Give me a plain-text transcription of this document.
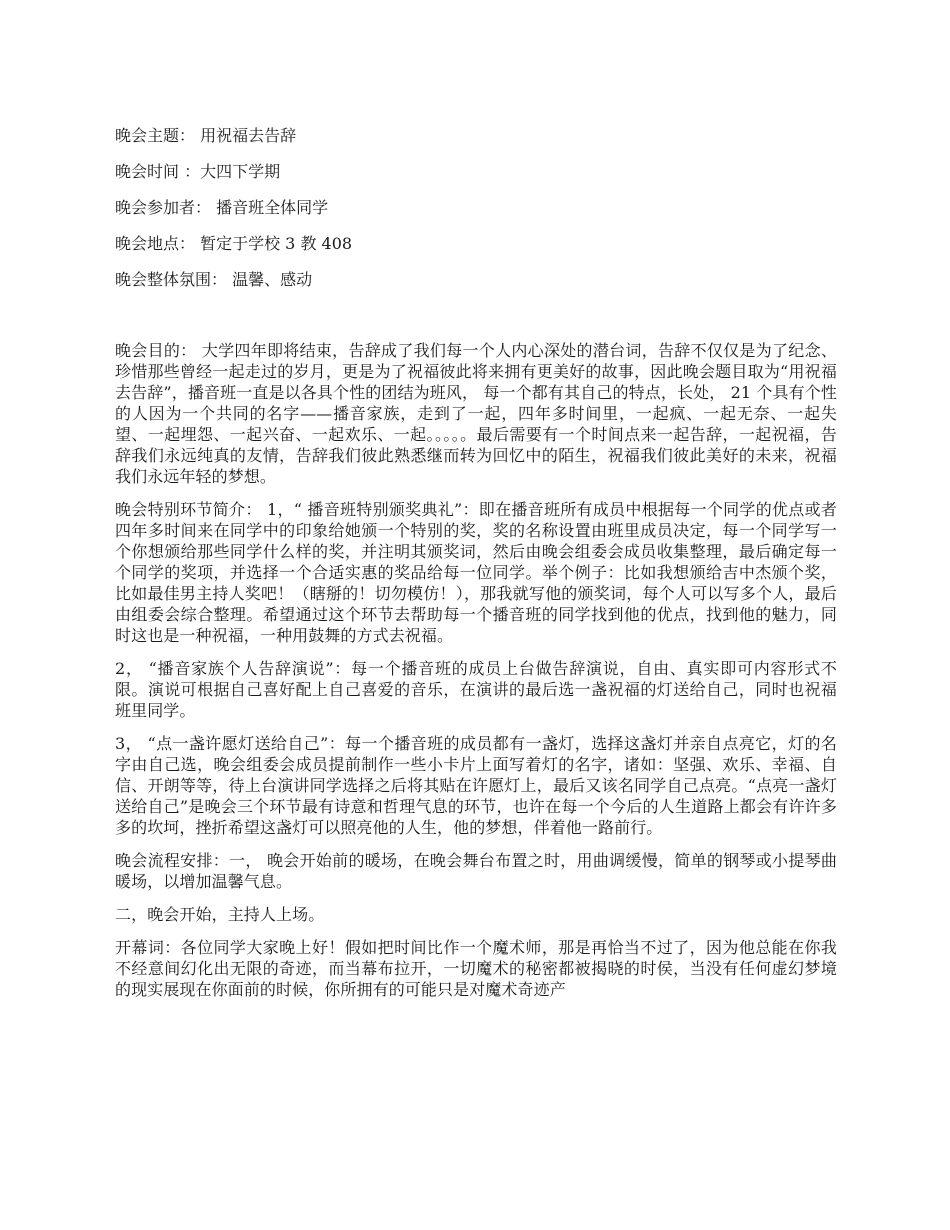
晚会主题： 用祝福去告辞
晚会时间 ：大四下学期
晚会参加者： 播音班全体同学
晚会地点： 暂定于学校 3 教 408
晚会整体氛围： 温馨、感动

晚会目的： 大学四年即将结束，告辞成了我们每一个人内心深处的潜台词，告辞不仅仅是为了纪念、珍惜那些曾经一起走过的岁月，更是为了祝福彼此将来拥有更美好的故事，因此晚会题目取为“用祝福去告辞”，播音班一直是以各具个性的团结为班风， 每一个都有其自己的特点，长处， 21 个具有个性的人因为一个共同的名字——播音家族，走到了一起，四年多时间里，一起疯、一起无奈、一起失望、一起埋怨、一起兴奋、一起欢乐、一起。。。。。最后需要有一个时间点来一起告辞，一起祝福，告辞我们永远纯真的友情，告辞我们彼此熟悉继而转为回忆中的陌生，祝福我们彼此美好的未来，祝福我们永远年轻的梦想。

晚会特别环节简介： 1，“ 播音班特别颁奖典礼”：即在播音班所有成员中根据每一个同学的优点或者四年多时间来在同学中的印象给她颁一个特别的奖，奖的名称设置由班里成员决定，每一个同学写一个你想颁给那些同学什么样的奖，并注明其颁奖词，然后由晚会组委会成员收集整理，最后确定每一个同学的奖项，并选择一个合适实惠的奖品给每一位同学。举个例子：比如我想颁给吉中杰颁个奖，比如最佳男主持人奖吧！（瞎掰的！切勿模仿！），那我就写他的颁奖词，每个人可以写多个人，最后由组委会综合整理。希望通过这个环节去帮助每一个播音班的同学找到他的优点，找到他的魅力，同时这也是一种祝福，一种用鼓舞的方式去祝福。

2， “播音家族个人告辞演说”：每一个播音班的成员上台做告辞演说，自由、真实即可内容形式不限。演说可根据自己喜好配上自己喜爱的音乐，在演讲的最后选一盏祝福的灯送给自己，同时也祝福班里同学。

3， “点一盏许愿灯送给自己”：每一个播音班的成员都有一盏灯，选择这盏灯并亲自点亮它，灯的名字由自己选，晚会组委会成员提前制作一些小卡片上面写着灯的名字，诸如：坚强、欢乐、幸福、自信、开朗等等，待上台演讲同学选择之后将其贴在许愿灯上，最后又该名同学自己点亮。“点亮一盏灯送给自己”是晚会三个环节最有诗意和哲理气息的环节，也许在每一个今后的人生道路上都会有许许多多的坎坷，挫折希望这盏灯可以照亮他的人生，他的梦想，伴着他一路前行。

晚会流程安排：一， 晚会开始前的暖场，在晚会舞台布置之时，用曲调缓慢，简单的钢琴或小提琴曲暖场，以增加温馨气息。

二，晚会开始，主持人上场。

开幕词：各位同学大家晚上好！假如把时间比作一个魔术师，那是再恰当不过了，因为他总能在你我不经意间幻化出无限的奇迹，而当幕布拉开，一切魔术的秘密都被揭晓的时侯，当没有任何虚幻梦境的现实展现在你面前的时候，你所拥有的可能只是对魔术奇迹产
